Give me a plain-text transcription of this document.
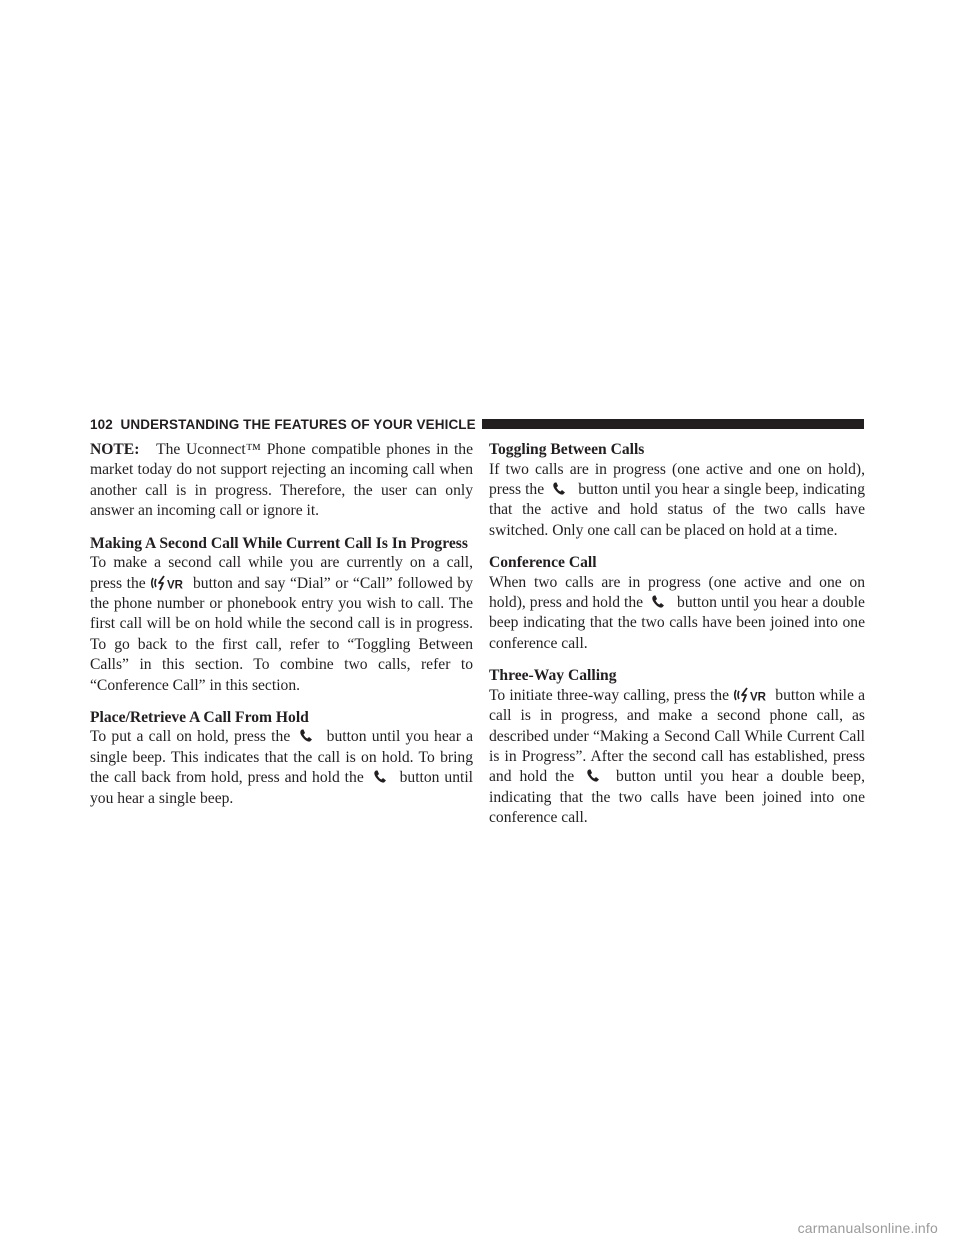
102 UNDERSTANDING THE FEATURES OF YOUR VEHICLE

NOTE: The Uconnect™ Phone compatible phones in the market today do not support rejecting an incoming call when another call is in progress. Therefore, the user can only answer an incoming call or ignore it.

Making A Second Call While Current Call Is In Progress

To make a second call while you are currently on a call, press the VR button and say “Dial” or “Call” followed by the phone number or phonebook entry you wish to call. The first call will be on hold while the second call is in progress. To go back to the first call, refer to “Toggling Between Calls” in this section. To combine two calls, refer to “Conference Call” in this section.

Place/Retrieve A Call From Hold

To put a call on hold, press the button until you hear a single beep. This indicates that the call is on hold. To bring the call back from hold, press and hold the button until you hear a single beep.

Toggling Between Calls

If two calls are in progress (one active and one on hold), press the button until you hear a single beep, indicating that the active and hold status of the two calls have switched. Only one call can be placed on hold at a time.

Conference Call

When two calls are in progress (one active and one on hold), press and hold the button until you hear a double beep indicating that the two calls have been joined into one conference call.

Three-Way Calling

To initiate three-way calling, press the VR button while a call is in progress, and make a second phone call, as described under “Making a Second Call While Current Call is in Progress”. After the second call has established, press and hold the	button until you hear a double beep, indicating that the two calls have been joined into one conference call.

carmanualsonline.info
